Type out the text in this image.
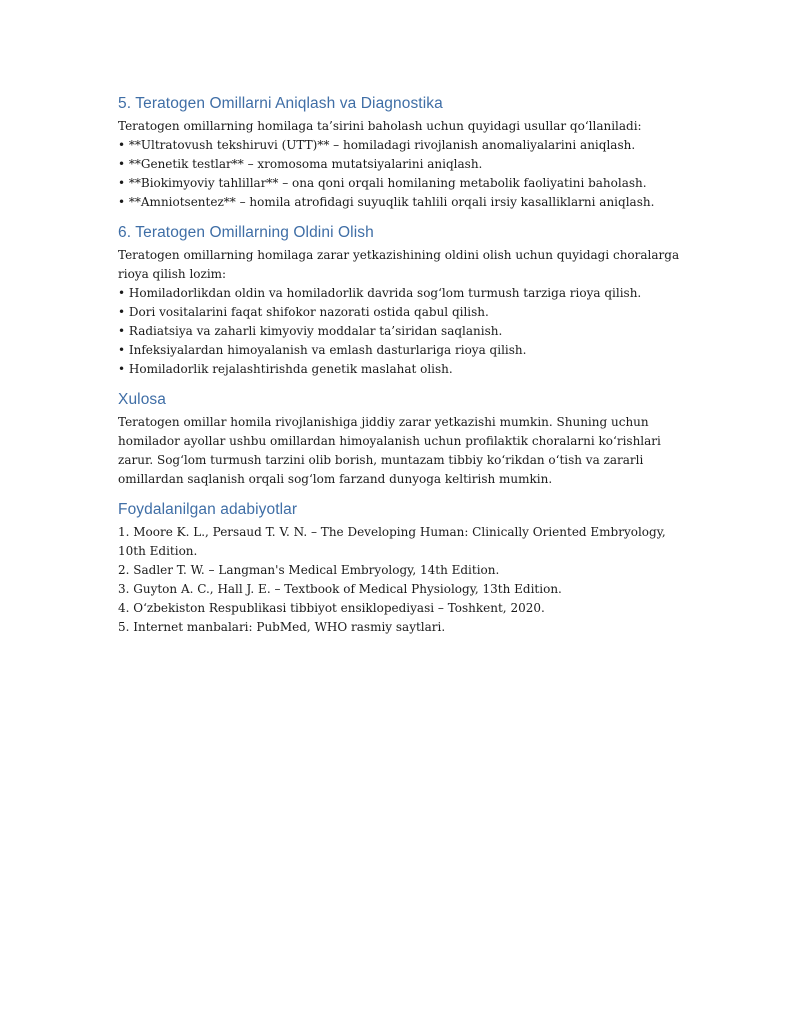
5. Teratogen Omillarni Aniqlash va Diagnostika

Teratogen omillarning homilaga ta’sirini baholash uchun quyidagi usullar qo‘llaniladi:

• **Ultratovush tekshiruvi (UTT)** – homiladagi rivojlanish anomaliyalarini aniqlash.
• **Genetik testlar** – xromosoma mutatsiyalarini aniqlash.
• **Biokimyoviy tahlillar** – ona qoni orqali homilaning metabolik faoliyatini baholash.
• **Amniotsentez** – homila atrofidagi suyuqlik tahlili orqali irsiy kasalliklarni aniqlash.
6. Teratogen Omillarning Oldini Olish

Teratogen omillarning homilaga zarar yetkazishining oldini olish uchun quyidagi choralarga rioya qilish lozim:

• Homiladorlikdan oldin va homiladorlik davrida sog‘lom turmush tarziga rioya qilish.
• Dori vositalarini faqat shifokor nazorati ostida qabul qilish.
• Radiatsiya va zaharli kimyoviy moddalar ta’siridan saqlanish.
• Infeksiyalardan himoyalanish va emlash dasturlariga rioya qilish.
• Homiladorlik rejalashtirishda genetik maslahat olish.
Xulosa

Teratogen omillar homila rivojlanishiga jiddiy zarar yetkazishi mumkin. Shuning uchun homilador ayollar ushbu omillardan himoyalanish uchun profilaktik choralarni ko‘rishlari zarur. Sog‘lom turmush tarzini olib borish, muntazam tibbiy ko‘rikdan o‘tish va zararli omillardan saqlanish orqali sog‘lom farzand dunyoga keltirish mumkin.

Foydalanilgan adabiyotlar
1. Moore K. L., Persaud T. V. N. – The Developing Human: Clinically Oriented Embryology, 10th Edition.
2. Sadler T. W. – Langman's Medical Embryology, 14th Edition.
3. Guyton A. C., Hall J. E. – Textbook of Medical Physiology, 13th Edition.
4. O‘zbekiston Respublikasi tibbiyot ensiklopediyasi – Toshkent, 2020.
5. Internet manbalari: PubMed, WHO rasmiy saytlari.
